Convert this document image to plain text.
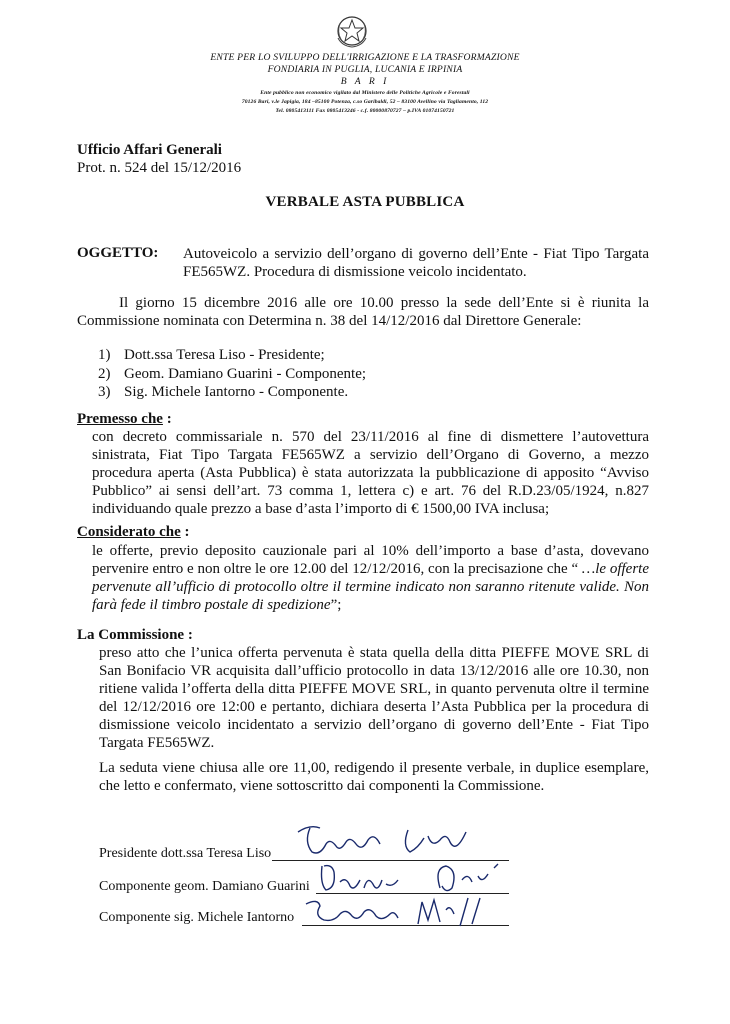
ENTE PER LO SVILUPPO DELL'IRRIGAZIONE E LA TRASFORMAZIONE
FONDIARIA IN PUGLIA, LUCANIA E IRPINIA
B A R I
Ente pubblico non economico vigilato dal Ministero delle Politiche Agricole e Forestali
70126 Bari, v.le Japigia, 184 –85100 Potenza, c.so Garibaldi, 52 – 83100 Avellino via Tagliamento, 112
Tel. 0805413111 Fax 0805413246 - c.f. 80000870727 – p.IVA 01074150721
Ufficio Affari Generali
Prot. n. 524 del 15/12/2016
VERBALE ASTA PUBBLICA
OGGETTO: Autoveicolo a servizio dell’organo di governo dell’Ente - Fiat Tipo Targata FE565WZ. Procedura di dismissione veicolo incidentato.
Il giorno 15 dicembre 2016 alle ore 10.00 presso la sede dell’Ente si è riunita la Commissione nominata con Determina n. 38 del 14/12/2016 dal Direttore Generale:
1) Dott.ssa Teresa Liso - Presidente;
2) Geom. Damiano Guarini - Componente;
3) Sig. Michele Iantorno - Componente.
Premesso che :
con decreto commissariale n. 570 del 23/11/2016 al fine di dismettere l’autovettura sinistrata, Fiat Tipo Targata FE565WZ a servizio dell’Organo di Governo, a mezzo procedura aperta (Asta Pubblica) è stata autorizzata la pubblicazione di apposito “Avviso Pubblico” ai sensi dell’art. 73 comma 1, lettera c) e art. 76 del R.D.23/05/1924, n.827 individuando quale prezzo a base d’asta l’importo di € 1500,00 IVA inclusa;
Considerato che :
le offerte, previo deposito cauzionale pari al 10% dell’importo a base d’asta, dovevano pervenire entro e non oltre le ore 12.00 del 12/12/2016, con la precisazione che “ …le offerte pervenute all’ufficio di protocollo oltre il termine indicato non saranno ritenute valide. Non farà fede il timbro postale di spedizione”;
La Commissione :
preso atto che l’unica offerta pervenuta è stata quella della ditta PIEFFE MOVE SRL di San Bonifacio VR acquisita dall’ufficio protocollo in data 13/12/2016 alle ore 10.30, non ritiene valida l’offerta della ditta PIEFFE MOVE SRL, in quanto pervenuta oltre il termine del 12/12/2016 ore 12:00 e pertanto, dichiara deserta l’Asta Pubblica per la procedura di dismissione veicolo incidentato a servizio dell’organo di governo dell’Ente - Fiat Tipo Targata FE565WZ.
La seduta viene chiusa alle ore 11,00, redigendo il presente verbale, in duplice esemplare, che letto e confermato, viene sottoscritto dai componenti la Commissione.
Presidente dott.ssa Teresa Liso
Componente geom. Damiano Guarini
Componente sig. Michele Iantorno
